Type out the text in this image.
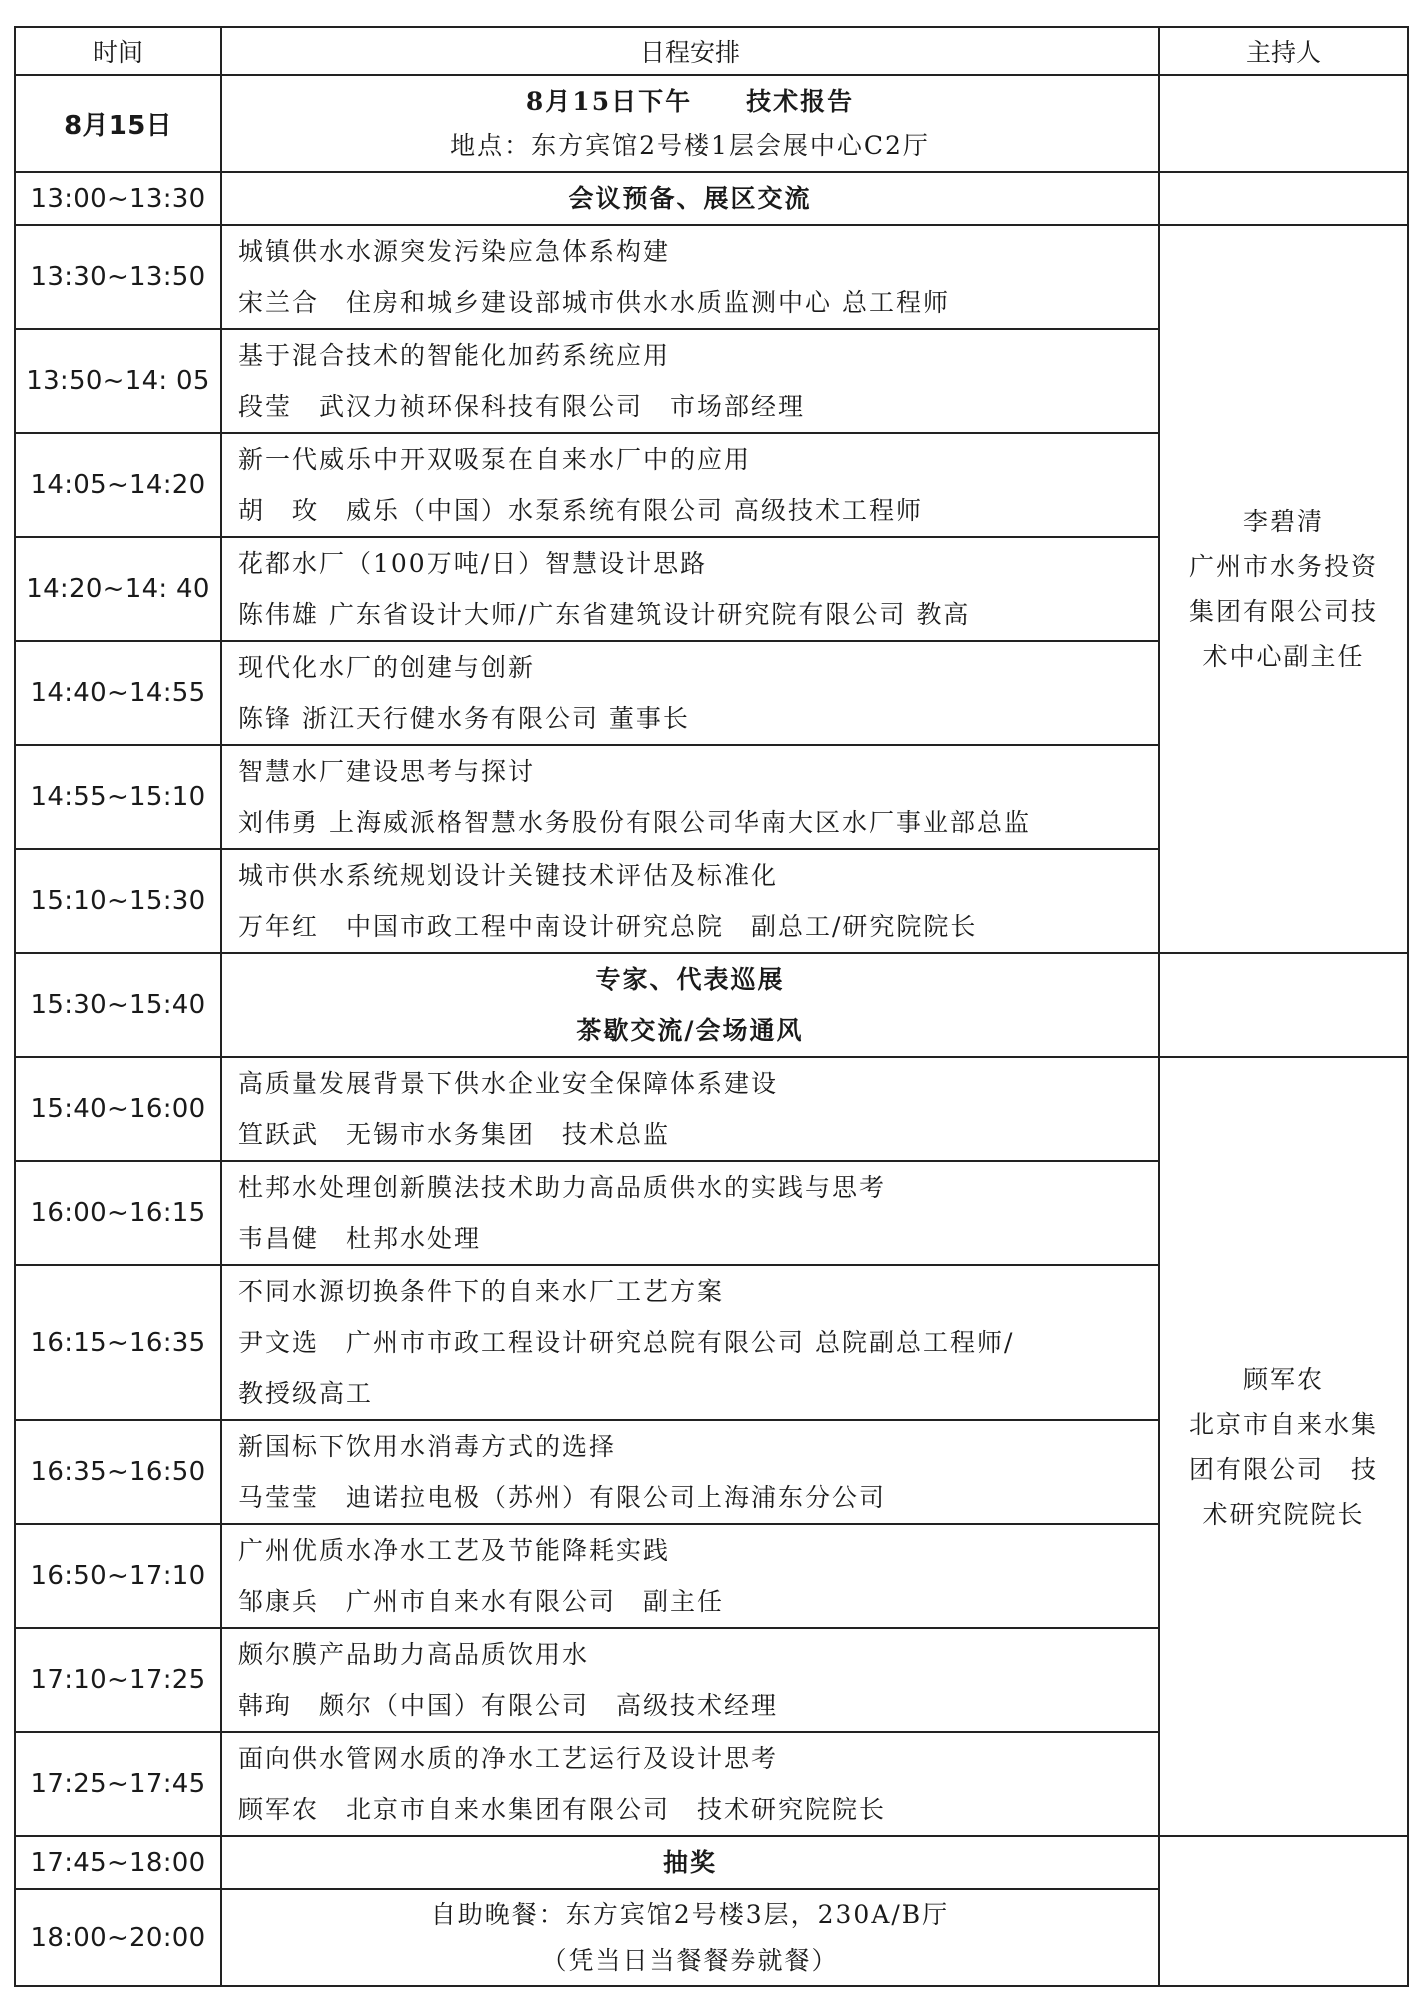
时间	日程安排	主持人
8月15日	8月15日下午　　技术报告
地点：东方宾馆2号楼1层会展中心C2厅	

13:00~13:30	会议预备、展区交流	

13:30~13:50	城镇供水水源突发污染应急体系构建
宋兰合　住房和城乡建设部城市供水水质监测中心 总工程师	李碧清
广州市水务投资
集团有限公司技
术中心副主任

13:50~14: 05	基于混合技术的智能化加药系统应用
段莹　武汉力祯环保科技有限公司　市场部经理	

14:05~14:20	新一代威乐中开双吸泵在自来水厂中的应用
胡　玫　威乐（中国）水泵系统有限公司 高级技术工程师	

14:20~14: 40	花都水厂（100万吨/日）智慧设计思路
陈伟雄 广东省设计大师/广东省建筑设计研究院有限公司 教高	

14:40~14:55	现代化水厂的创建与创新
陈锋 浙江天行健水务有限公司 董事长	

14:55~15:10	智慧水厂建设思考与探讨
刘伟勇 上海威派格智慧水务股份有限公司华南大区水厂事业部总监	

15:10~15:30	城市供水系统规划设计关键技术评估及标准化
万年红　中国市政工程中南设计研究总院　副总工/研究院院长	

15:30~15:40	专家、代表巡展
茶歇交流/会场通风	

15:40~16:00	高质量发展背景下供水企业安全保障体系建设
笪跃武　无锡市水务集团　技术总监	顾军农
北京市自来水集
团有限公司　技
术研究院院长

16:00~16:15	杜邦水处理创新膜法技术助力高品质供水的实践与思考
韦昌健　杜邦水处理	

16:15~16:35	不同水源切换条件下的自来水厂工艺方案
尹文选　广州市市政工程设计研究总院有限公司 总院副总工程师/
教授级高工	

16:35~16:50	新国标下饮用水消毒方式的选择
马莹莹　迪诺拉电极（苏州）有限公司上海浦东分公司	

16:50~17:10	广州优质水净水工艺及节能降耗实践
邹康兵　广州市自来水有限公司　副主任	

17:10~17:25	颇尔膜产品助力高品质饮用水
韩珣　颇尔（中国）有限公司　高级技术经理	

17:25~17:45	面向供水管网水质的净水工艺运行及设计思考
顾军农　北京市自来水集团有限公司　技术研究院院长	

17:45~18:00	抽奖	

18:00~20:00	自助晚餐：东方宾馆2号楼3层，230A/B厅
（凭当日当餐餐券就餐）	
